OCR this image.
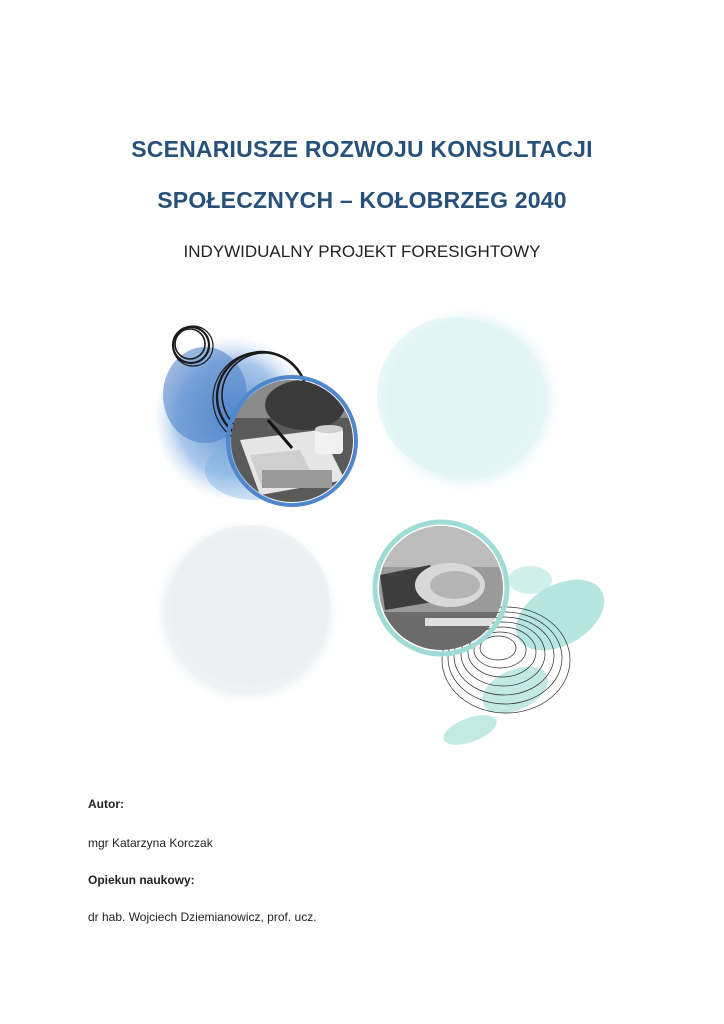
SCENARIUSZE ROZWOJU KONSULTACJI
SPOŁECZNYCH – KOŁOBRZEG 2040
INDYWIDUALNY PROJEKT FORESIGHTOWY
Autor:
mgr Katarzyna Korczak
Opiekun naukowy:
dr hab. Wojciech Dziemianowicz, prof. ucz.
